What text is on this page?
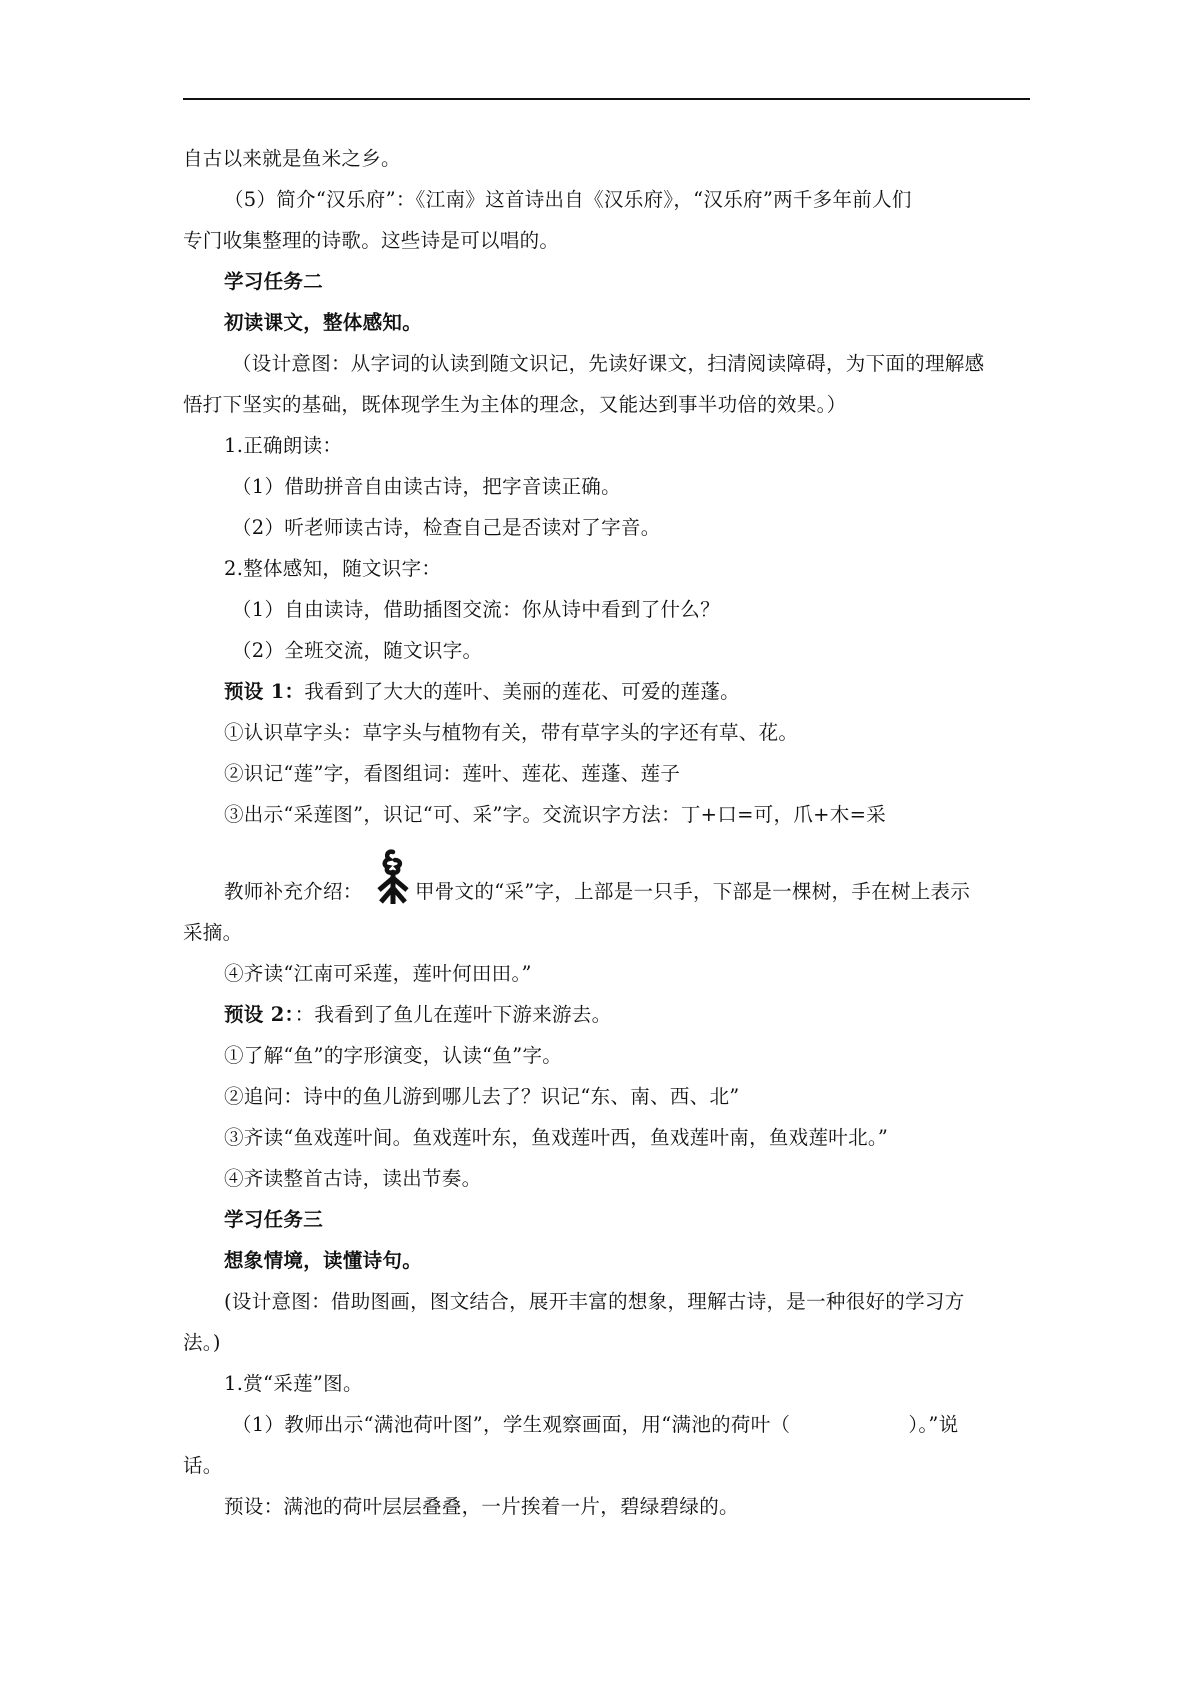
自古以来就是鱼米之乡。
（5）简介“汉乐府”：《江南》这首诗出自《汉乐府》，“汉乐府”两千多年前人们
专门收集整理的诗歌。这些诗是可以唱的。
学习任务二
初读课文，整体感知。
（设计意图：从字词的认读到随文识记，先读好课文，扫清阅读障碍，为下面的理解感
悟打下坚实的基础，既体现学生为主体的理念，又能达到事半功倍的效果。）
1.正确朗读：
（1）借助拼音自由读古诗，把字音读正确。
（2）听老师读古诗，检查自己是否读对了字音。
2.整体感知，随文识字：
（1）自由读诗，借助插图交流：你从诗中看到了什么？
（2）全班交流，随文识字。
预设 1：我看到了大大的莲叶、美丽的莲花、可爱的莲蓬。
①认识草字头：草字头与植物有关，带有草字头的字还有草、花。
②识记“莲”字，看图组词：莲叶、莲花、莲蓬、莲子
③出示“采莲图”，识记“可、采”字。交流识字方法：丁+口=可，爪+木=采
教师补充介绍：	甲骨文的“采”字，上部是一只手，下部是一棵树，手在树上表示
采摘。
④齐读“江南可采莲，莲叶何田田。”
预设 2：：我看到了鱼儿在莲叶下游来游去。
①了解“鱼”的字形演变，认读“鱼”字。
②追问：诗中的鱼儿游到哪儿去了？识记“东、南、西、北”
③齐读“鱼戏莲叶间。鱼戏莲叶东，鱼戏莲叶西，鱼戏莲叶南，鱼戏莲叶北。”
④齐读整首古诗，读出节奏。
学习任务三
想象情境，读懂诗句。
(设计意图：借助图画，图文结合，展开丰富的想象，理解古诗，是一种很好的学习方
法。)
1.赏“采莲”图。
（1）教师出示“满池荷叶图”，学生观察画面，用“满池的荷叶（	）。”说
话。
预设：满池的荷叶层层叠叠，一片挨着一片，碧绿碧绿的。
